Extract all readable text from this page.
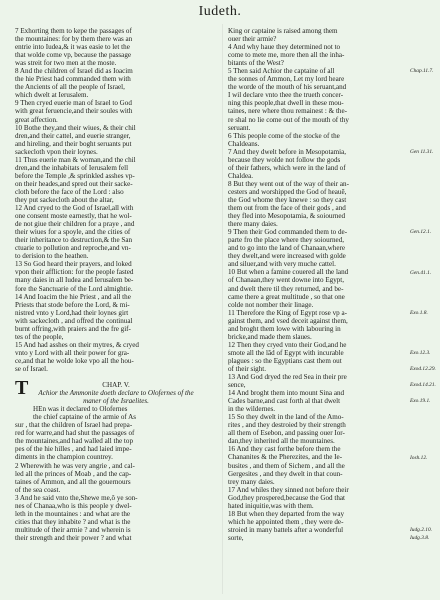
Iudeth.
7 Exhorting them to kepe the passages of
the mountaines: for by them there was an
entrie into Iudea,& it was easie to let the
that wolde come vp, because the passage
was streit for two men at the moste.
8 And the children of Israel did as Ioacim
the hie Priest had commanded them with
the Ancients of all the people of Israel,
which dwelt at Ierusalem.
9 Then cryed euerie man of Israel to God
with great feruencie,and their soules with
great affection.
10 Bothe they,and their wiues, & their chil
dren,and their cattel, and euerie stranger,
and hireling, and their boght seruants put
sackecloth vpon their loynes.
11 Thus euerie man & woman,and the chil
dren,and the inhabitats of Ierusalem fell
before the Temple ,& sprinkled asshes vp-
on their heades,and spred out their sacke-
cloth before the face of the Lord : also
they put sackecloth about the altar,
12 And cryed to the God of Israel,all with
one consent moste earnestly, that he wol-
de not giue their children for a praye , and
their wiues for a spoyle, and the cities of
their inheritance to destruction,& the San
ctuarie to pollution and reproche,and vn-
to derision to the heathen.
13 So God heard their prayers, and loked
vpon their affliction: for the people fasted
many daies in all Iudea and Ierusalem be-
fore the Sanctuarie of the Lord almightie.
14 And Ioacim the hie Priest , and all the
Priests that stode before the Lord, & mi-
nistred vnto y Lord,had their loynes girt
with sackecloth , and offred the continual
burnt offring,with praiers and the fre gif-
tes of the people,
15 And had asshes on their mytres, & cryed
vnto y Lord with all their power for gra-
ce,and that he wolde loke vpo all the hou-
se of Israel.
CHAP. V.
Achior the Ammonite doeth declare to Olofernes of the
maner of the Israelites.
HEn was it declared to Olofernes
the chief captaine of the armie of As
sur , that the children of Israel had prepa-
red for warre,and had shut the passages of
the mountaines,and had walled all the top
pes of the hie hilles , and had laied impe-
diments in the champion countrey.
2 Wherewith he was very angrie , and cal-
led all the princes of Moab , and the cap-
taines of Ammon, and all the gouernours
of the sea coast.
3 And he said vnto the,Shewe me,ô ye son-
nes of Chanaa,who is this people y dwel-
leth in the mountaines : and what are the
cities that they inhabite ? and what is the
multitude of their armie ? and wherein is
their strength and their power ? and what
T
King or captaine is raised among them
ouer their armie?
4 And why haue they determined not to
come to mete me, more then all the inha-
bitants of the West?
5 Then said Achior the captaine of all
the sonnes of Ammon, Let my lord heare
the worde of the mouth of his seruant,and
I wil declare vnto thee the trueth concer-
ning this people,that dwell in these mou-
taines, nere where thou remainest : & the-
re shal no lie come out of the mouth of thy
seruant.
6 This people come of the stocke of the
Chaldeans.
7 And they dwelt before in Mesopotamia,
because they wolde not follow the gods
of their fathers, which were in the land of
Chaldea.
8 But they went out of the way of their an-
cesters and worshipped the God of heauē,
the God whome they knewe : so they cast
them out from the face of their gods , and
they fled into Mesopotamia, & soiourned
there many daies.
9 Then their God commanded them to de-
parte fro the place where they soiourned,
and to go into the land of Chanaan,where
they dwelt,and were increased with golde
and siluer,and with very muche cattel.
10 But when a famine couered all the land
of Chanaan,they went downe into Egypt,
and dwelt there til they returned, and be-
came there a great multitude , so that one
colde not nomber their linage.
11 Therefore the King of Egypt rose vp a-
gainst them, and vsed deceit against them,
and broght them lowe with labouring in
bricke,and made them slaues.
12 Then they cryed vnto their God,and he
smote all the lād of Egypt with incurable
plagues : so the Egyptians cast them out
of their sight.
13 And God dryed the red Sea in their pre
sence,
14 And broght them into mount Sina and
Cades barne,and cast forth al that dwelt
in the wildernes.
15 So they dwelt in the land of the Amo-
rites , and they destroied by their strength
all them of Esebon, and passing ouer Ior-
dan,they inherited all the mountaines.
16 And they cast forthe before them the
Chananites & the Pherezites, and the Ie-
busites , and them of Sichem , and all the
Gergesites , and they dwelt in that coun-
trey many daies.
17 And whiles they sinned not before their
God,they prospered,because the God that
hated iniquitie,was with them.
18 But when they departed from the way
which he appointed them , they were de-
stroied in many battels after a wonderful
sorte,
Chap.11.7.
Gen 11.31.
Gen.12.1.
Gen.41.1.
Exo.1.8.
Exo.12.3.
Exod.12.29.
Exod.14.21.
Exo.19.1.
Iosh.12.
Iudg.2.10.
Iudg.3.8.
